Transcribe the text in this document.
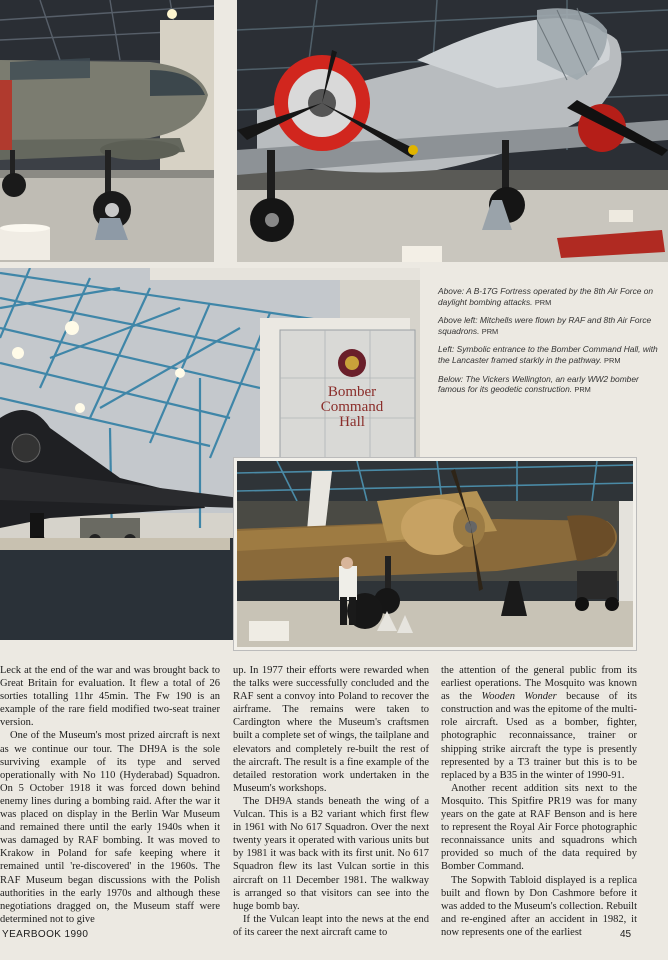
Bomber
Command
Hall

Above: A B-17G Fortress operated by the 8th Air Force on daylight bombing attacks. PRM

Above left: Mitchells were flown by RAF and 8th Air Force squadrons. PRM

Left: Symbolic entrance to the Bomber Command Hall, with the Lancaster framed starkly in the pathway. PRM

Below: The Vickers Wellington, an early WW2 bomber famous for its geodetic construction. PRM

Leck at the end of the war and was brought back to Great Britain for evaluation. It flew a total of 26 sorties totalling 11hr 45min. The Fw 190 is an example of the rare field modified two-seat trainer version.

One of the Museum's most prized aircraft is next as we continue our tour. The DH9A is the sole surviving example of its type and served operationally with No 110 (Hyderabad) Squadron. On 5 October 1918 it was forced down behind enemy lines during a bombing raid. After the war it was placed on display in the Berlin War Museum and remained there until the early 1940s when it was damaged by RAF bombing. It was moved to Krakow in Poland for safe keeping where it remained until 're-discovered' in the 1960s. The RAF Museum began discussions with the Polish authorities in the early 1970s and although these negotiations dragged on, the Museum staff were determined not to give

up. In 1977 their efforts were rewarded when the talks were successfully concluded and the RAF sent a convoy into Poland to recover the airframe. The remains were taken to Cardington where the Museum's craftsmen built a complete set of wings, the tailplane and elevators and completely re-built the rest of the aircraft. The result is a fine example of the detailed restoration work undertaken in the Museum's workshops.

The DH9A stands beneath the wing of a Vulcan. This is a B2 variant which first flew in 1961 with No 617 Squadron. Over the next twenty years it operated with various units but by 1981 it was back with its first unit. No 617 Squadron flew its last Vulcan sortie in this aircraft on 11 December 1981. The walkway is arranged so that visitors can see into the huge bomb bay.

If the Vulcan leapt into the news at the end of its career the next aircraft came to

the attention of the general public from its earliest operations. The Mosquito was known as the Wooden Wonder because of its construction and was the epitome of the multi-role aircraft. Used as a bomber, fighter, photographic reconnaissance, trainer or shipping strike aircraft the type is presently represented by a T3 trainer but this is to be replaced by a B35 in the winter of 1990-91.

Another recent addition sits next to the Mosquito. This Spitfire PR19 was for many years on the gate at RAF Benson and is here to represent the Royal Air Force photographic reconnaissance units and squadrons which provided so much of the data required by Bomber Command.

The Sopwith Tabloid displayed is a replica built and flown by Don Cashmore before it was added to the Museum's collection. Rebuilt and re-engined after an accident in 1982, it now represents one of the earliest

YEARBOOK 1990	45
